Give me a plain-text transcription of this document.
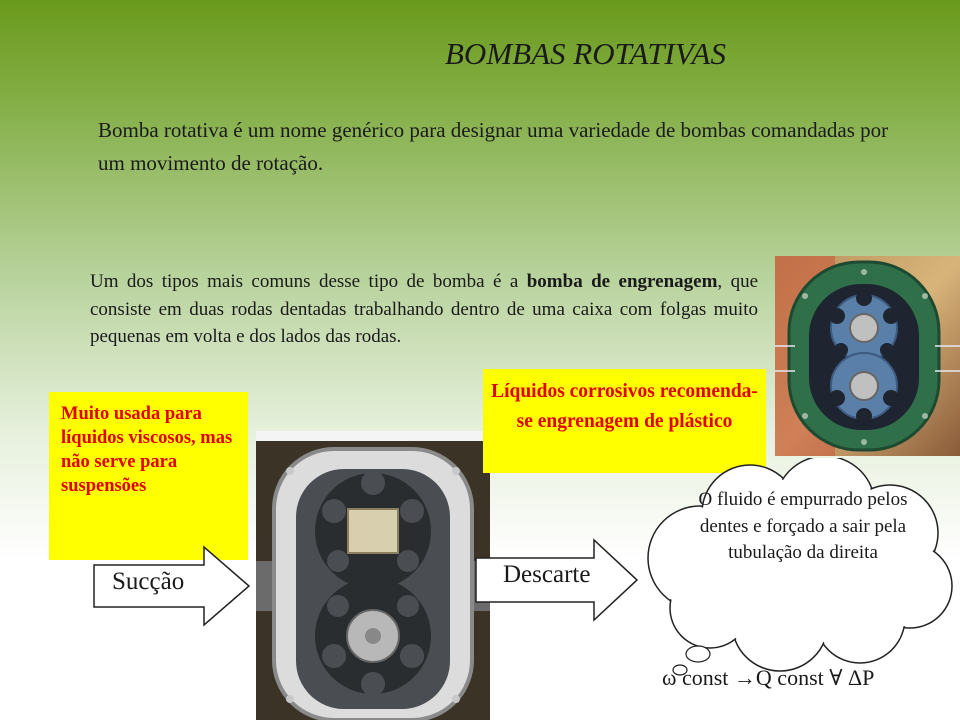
BOMBAS ROTATIVAS
Bomba rotativa é um nome genérico para designar uma variedade de bombas comandadas por um movimento de rotação.
Um dos tipos mais comuns desse tipo de bomba é a bomba de engrenagem, que consiste em duas rodas dentadas trabalhando dentro de uma caixa com folgas muito pequenas em volta e dos lados das rodas.
Muito usada para líquidos viscosos, mas não serve para suspensões
Líquidos corrosivos recomenda-se engrenagem de plástico
Sucção	Descarte
O fluido é empurrado pelos dentes e forçado a sair pela tubulação da direita
ω const →Q const ∀ ΔP
